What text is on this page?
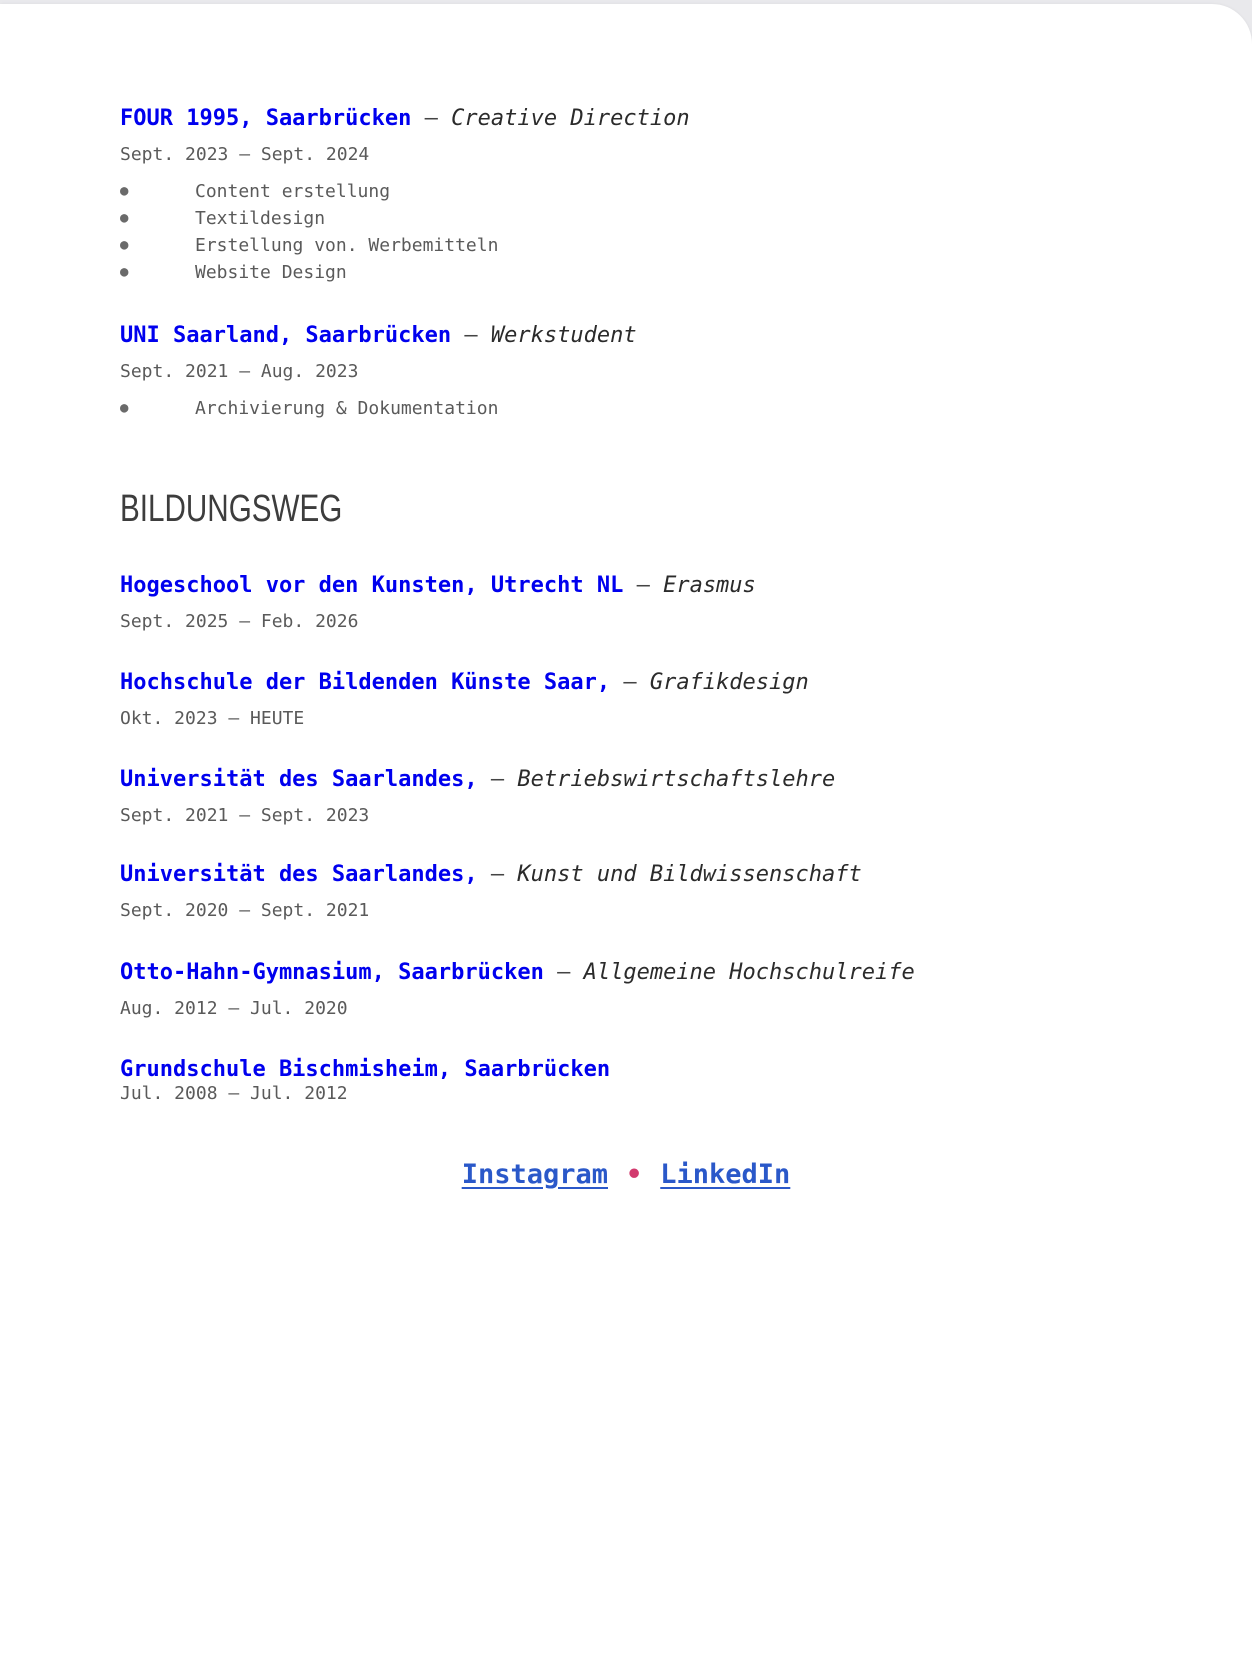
FOUR 1995, Saarbrücken — Creative Direction
Sept. 2023 – Sept. 2024
● Content erstellung
● Textildesign
● Erstellung von. Werbemitteln
● Website Design
UNI Saarland, Saarbrücken — Werkstudent
Sept. 2021 – Aug. 2023
● Archivierung & Dokumentation
BILDUNGSWEG
Hogeschool vor den Kunsten, Utrecht NL – Erasmus
Sept. 2025 – Feb. 2026
Hochschule der Bildenden Künste Saar, — Grafikdesign
Okt. 2023 – HEUTE
Universität des Saarlandes, — Betriebswirtschaftslehre
Sept. 2021 – Sept. 2023
Universität des Saarlandes, – Kunst und Bildwissenschaft
Sept. 2020 – Sept. 2021
Otto-Hahn-Gymnasium, Saarbrücken – Allgemeine Hochschulreife
Aug. 2012 – Jul. 2020
Grundschule Bischmisheim, Saarbrücken
Jul. 2008 – Jul. 2012
Instagram • LinkedIn
